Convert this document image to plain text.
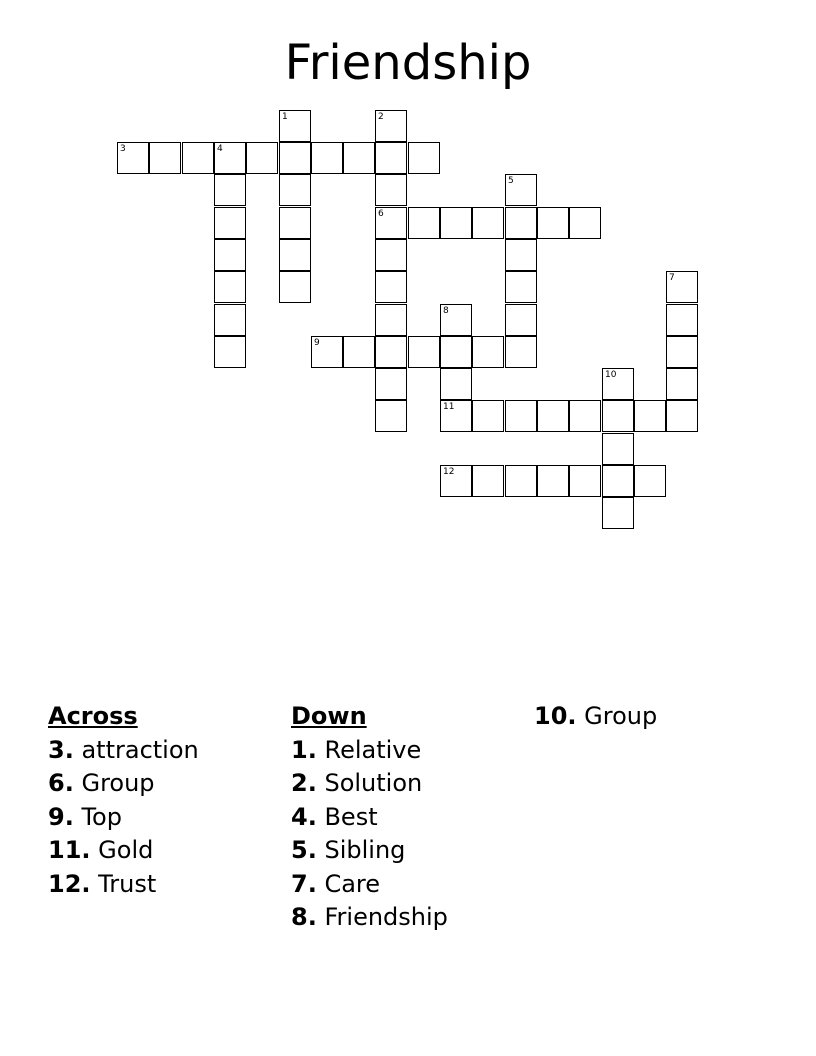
Friendship
1	2
6
3	4
5
7
8
11
9
10
12

Across

3. attraction

6. Group

9. Top

11. Gold

12. Trust

Down

1. Relative

2. Solution

4. Best

5. Sibling

7. Care

8. Friendship

10. Group
